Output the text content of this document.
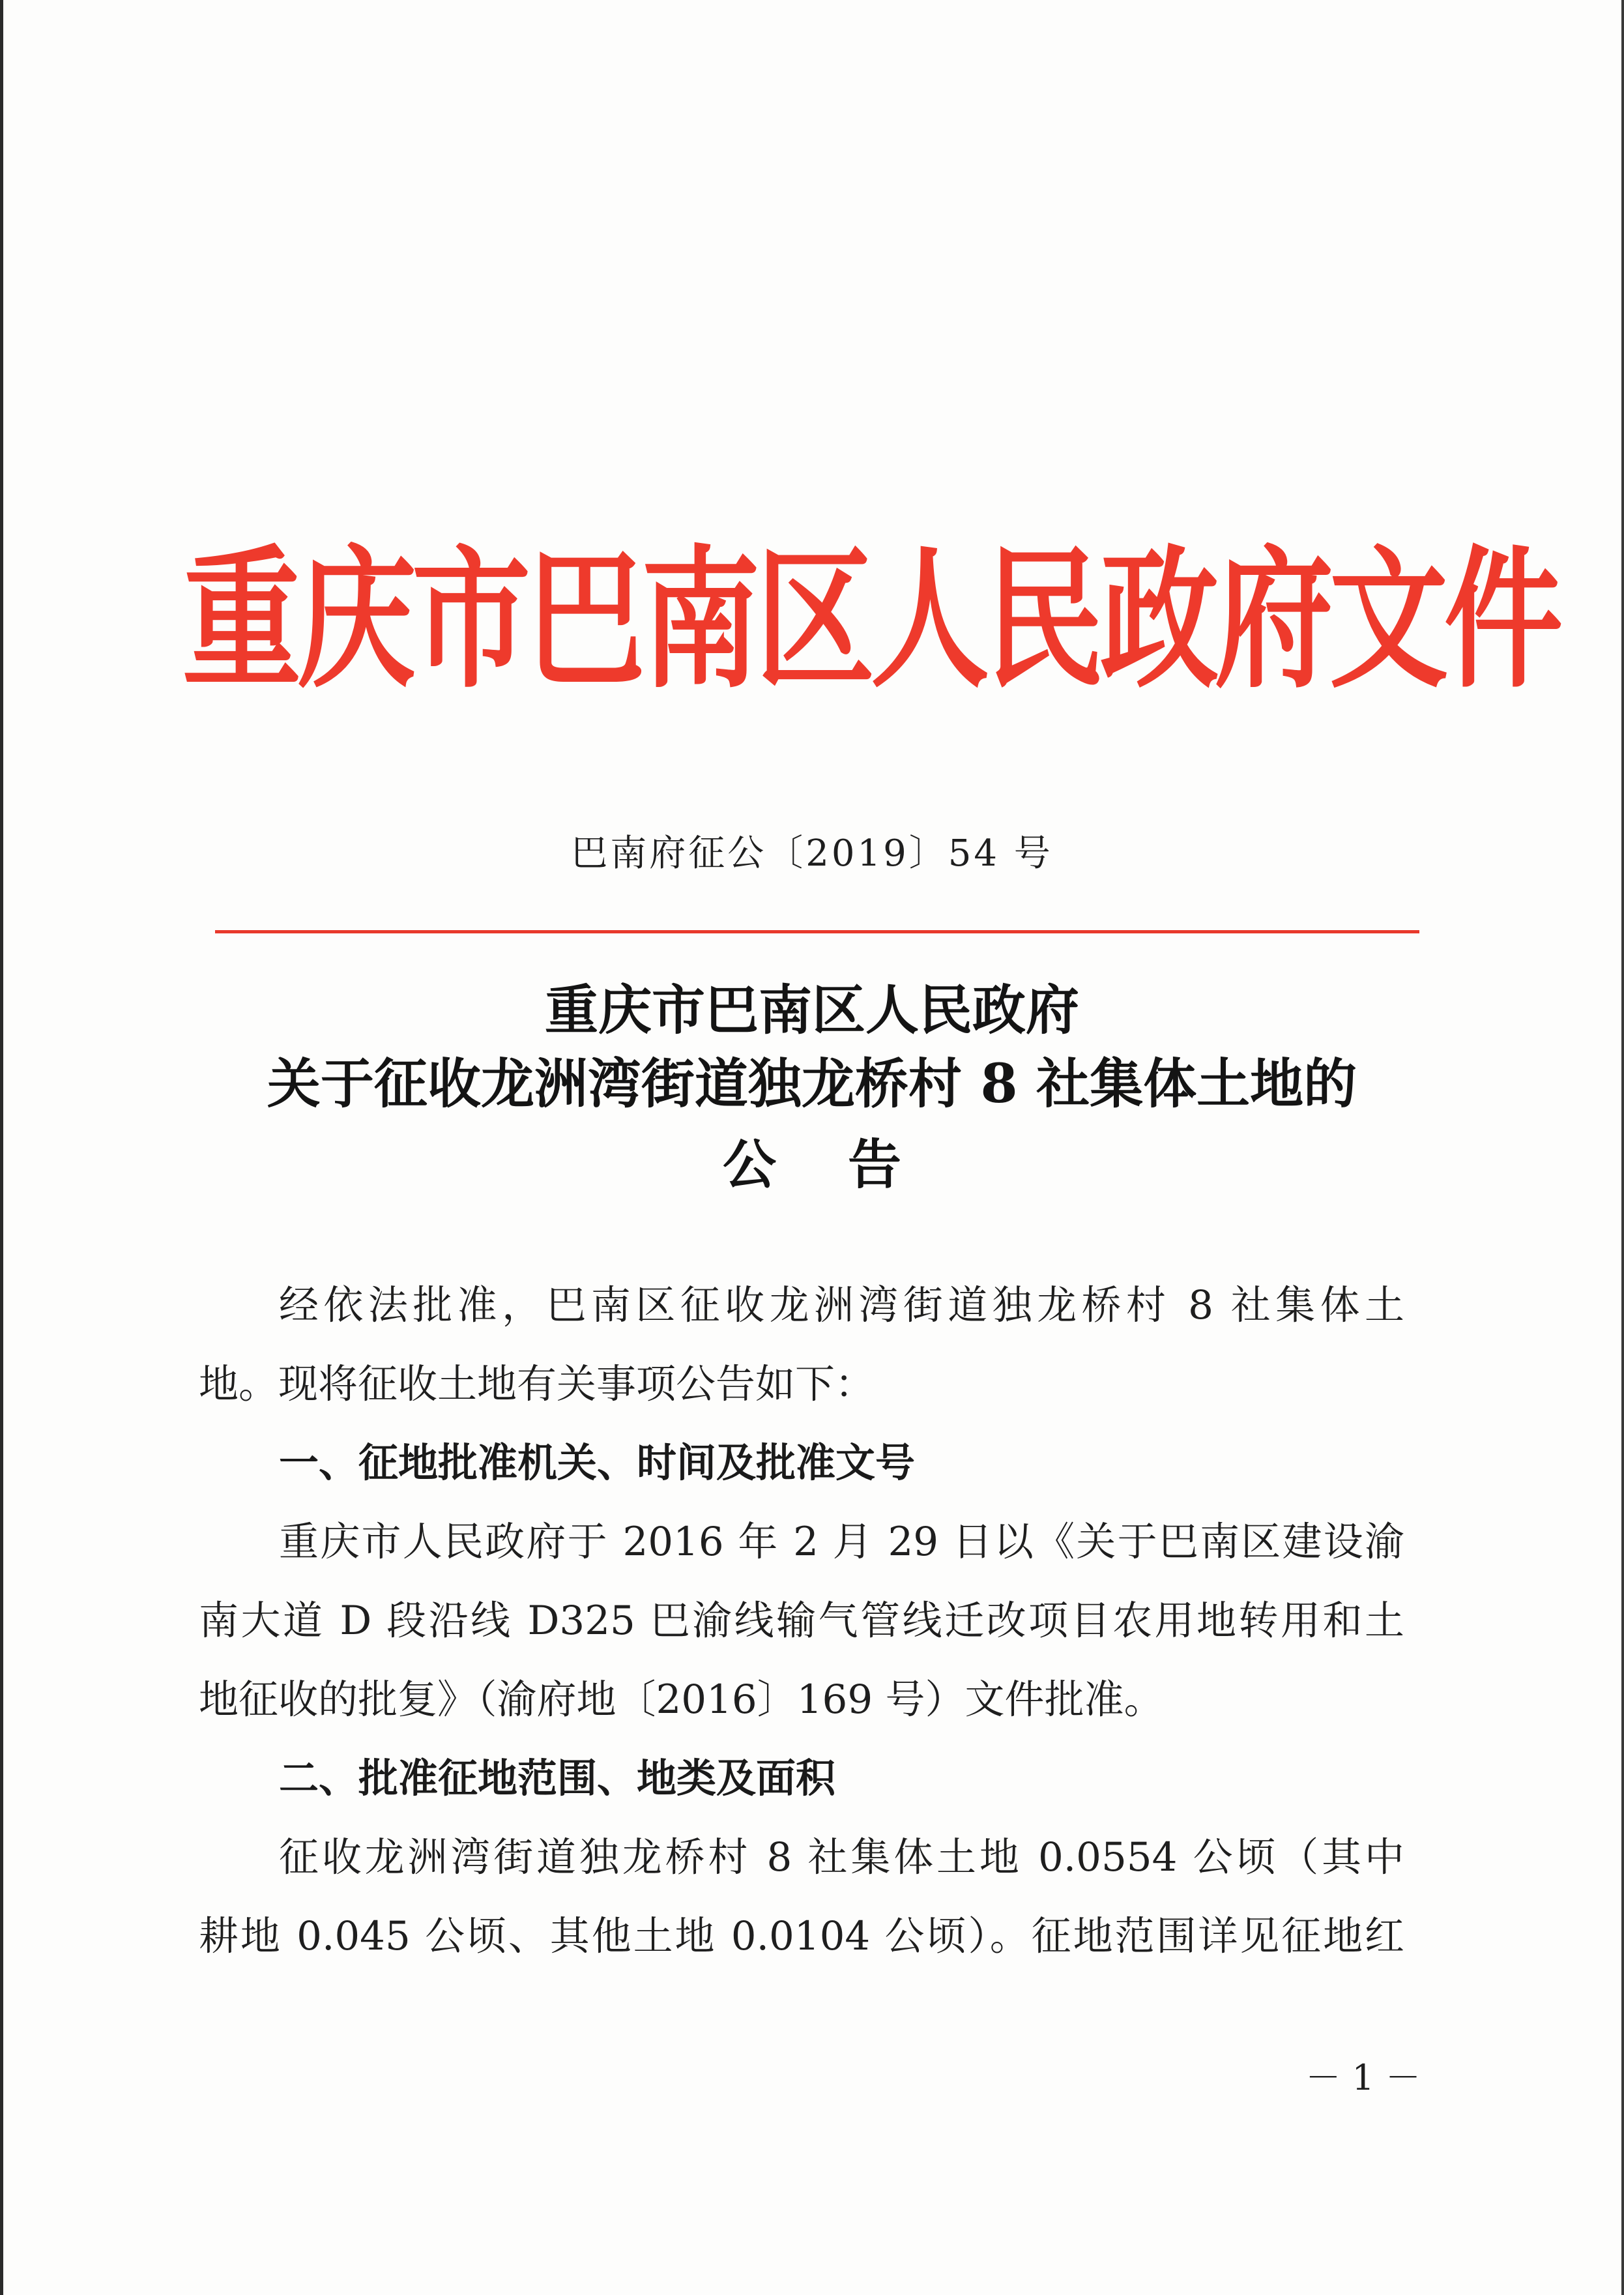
重庆市巴南区人民政府文件
巴南府征公〔2019〕54 号
重庆市巴南区人民政府
关于征收龙洲湾街道独龙桥村 8 社集体土地的
公告
经依法批准，巴南区征收龙洲湾街道独龙桥村 8 社集体土
地。现将征收土地有关事项公告如下：
一、征地批准机关、时间及批准文号
重庆市人民政府于 2016 年 2 月 29 日以《关于巴南区建设渝
南大道 D 段沿线 D325 巴渝线输气管线迁改项目农用地转用和土
地征收的批复》（渝府地〔2016〕169 号）文件批准。
二、批准征地范围、地类及面积
征收龙洲湾街道独龙桥村 8 社集体土地 0.0554 公顷（其中
耕地 0.045 公顷、其他土地 0.0104 公顷）。征地范围详见征地红
－ 1 －
